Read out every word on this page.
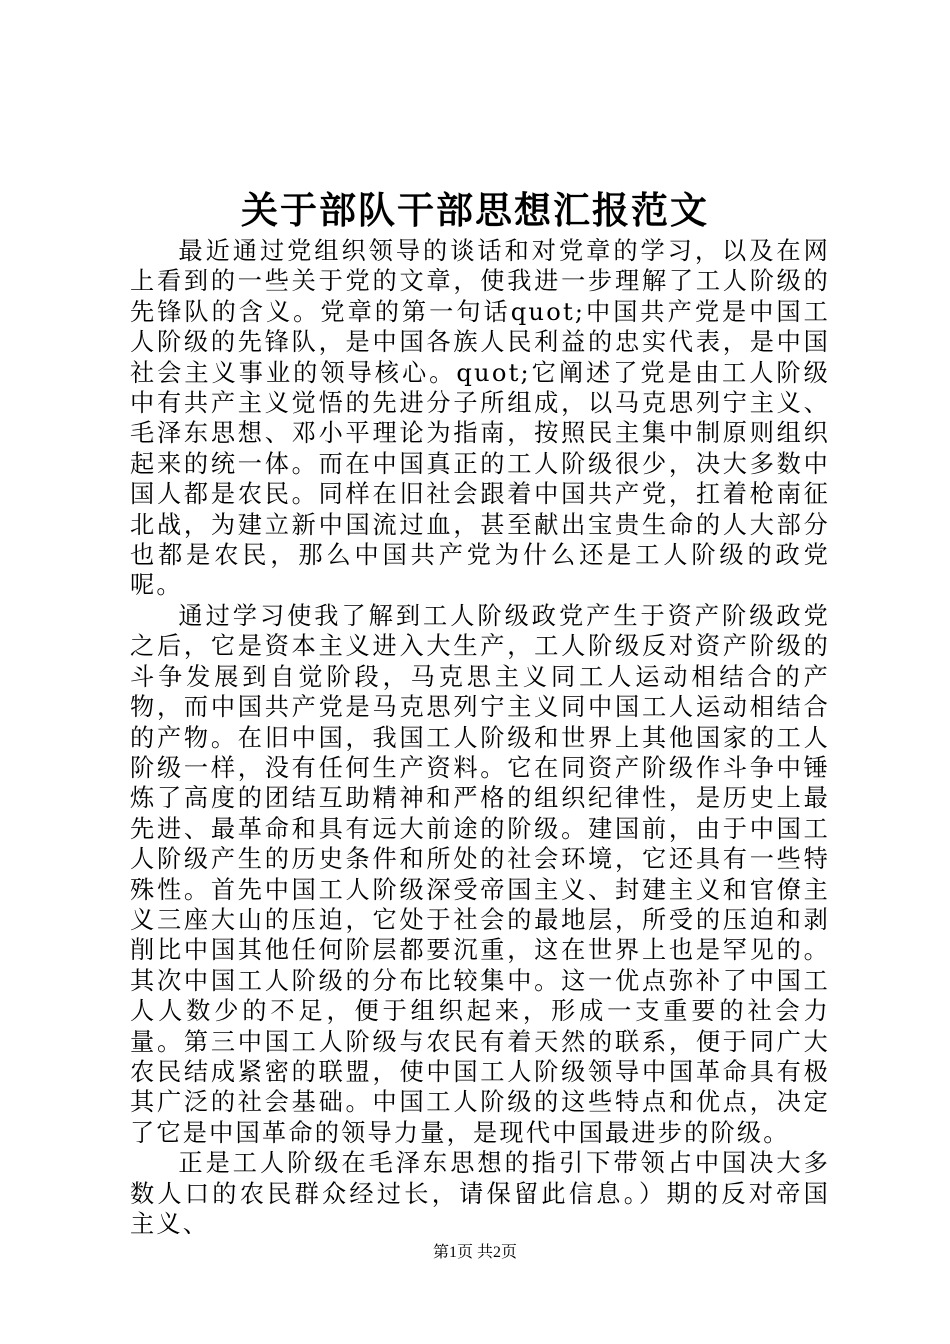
关于部队干部思想汇报范文

最近通过党组织领导的谈话和对党章的学习，以及在网上看到的一些关于党的文章，使我进一步理解了工人阶级的先锋队的含义。党章的第一句话quot;中国共产党是中国工人阶级的先锋队，是中国各族人民利益的忠实代表，是中国社会主义事业的领导核心。quot;它阐述了党是由工人阶级中有共产主义觉悟的先进分子所组成，以马克思列宁主义、毛泽东思想、邓小平理论为指南，按照民主集中制原则组织起来的统一体。而在中国真正的工人阶级很少，决大多数中国人都是农民。同样在旧社会跟着中国共产党，扛着枪南征北战，为建立新中国流过血，甚至献出宝贵生命的人大部分也都是农民，那么中国共产党为什么还是工人阶级的政党呢。

通过学习使我了解到工人阶级政党产生于资产阶级政党之后，它是资本主义进入大生产，工人阶级反对资产阶级的斗争发展到自觉阶段，马克思主义同工人运动相结合的产物，而中国共产党是马克思列宁主义同中国工人运动相结合的产物。在旧中国，我国工人阶级和世界上其他国家的工人阶级一样，没有任何生产资料。它在同资产阶级作斗争中锤炼了高度的团结互助精神和严格的组织纪律性，是历史上最先进、最革命和具有远大前途的阶级。建国前，由于中国工人阶级产生的历史条件和所处的社会环境，它还具有一些特殊性。首先中国工人阶级深受帝国主义、封建主义和官僚主义三座大山的压迫，它处于社会的最地层，所受的压迫和剥削比中国其他任何阶层都要沉重，这在世界上也是罕见的。其次中国工人阶级的分布比较集中。这一优点弥补了中国工人人数少的不足，便于组织起来，形成一支重要的社会力量。第三中国工人阶级与农民有着天然的联系，便于同广大农民结成紧密的联盟，使中国工人阶级领导中国革命具有极其广泛的社会基础。中国工人阶级的这些特点和优点，决定了它是中国革命的领导力量，是现代中国最进步的阶级。

正是工人阶级在毛泽东思想的指引下带领占中国决大多数人口的农民群众经过长，请保留此信息。）期的反对帝国主义、

第1页 共2页
